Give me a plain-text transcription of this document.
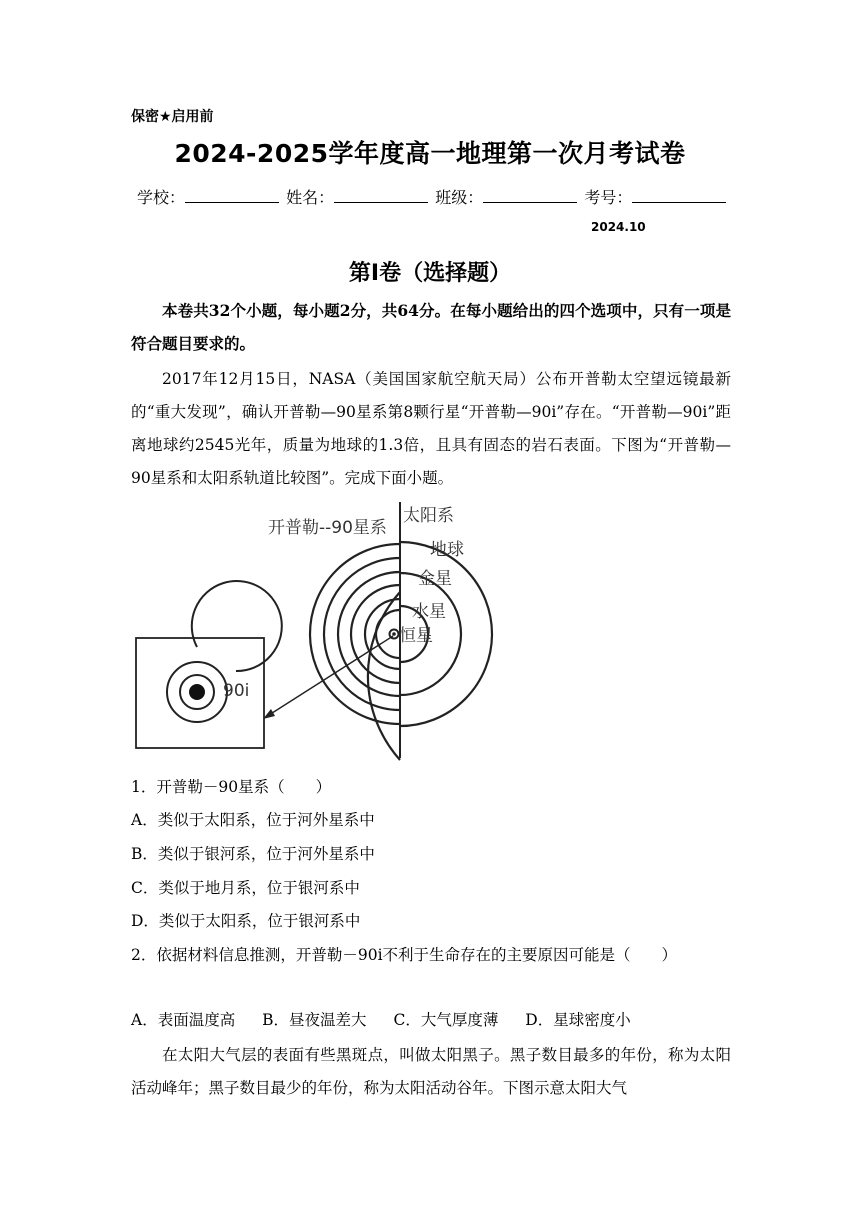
保密★启用前
2024-2025学年度高一地理第一次月考试卷
学校：	姓名：	班级：	考号：
2024.10
第Ⅰ卷（选择题）

本卷共32个小题，每小题2分，共64分。在每小题给出的四个选项中，只有一项是符合题目要求的。

2017年12月15日，NASA（美国国家航空航天局）公布开普勒太空望远镜最新的“重大发现”，确认开普勒—90星系第8颗行星“开普勒—90i”存在。“开普勒—90i”距离地球约2545光年，质量为地球的1.3倍，且具有固态的岩石表面。下图为“开普勒—90星系和太阳系轨道比较图”。完成下面小题。

开普勒--90星系
太阳系
地球
金星
水星
恒星
90i
1．开普勒－90星系（　　）
A．类似于太阳系，位于河外星系中
B．类似于银河系，位于河外星系中
C．类似于地月系，位于银河系中
D．类似于太阳系，位于银河系中
2．依据材料信息推测，开普勒－90i不利于生命存在的主要原因可能是（　　）
A．表面温度高 B．昼夜温差大 C．大气厚度薄 D．星球密度小

在太阳大气层的表面有些黑斑点，叫做太阳黑子。黑子数目最多的年份，称为太阳活动峰年；黑子数目最少的年份，称为太阳活动谷年。下图示意太阳大气
